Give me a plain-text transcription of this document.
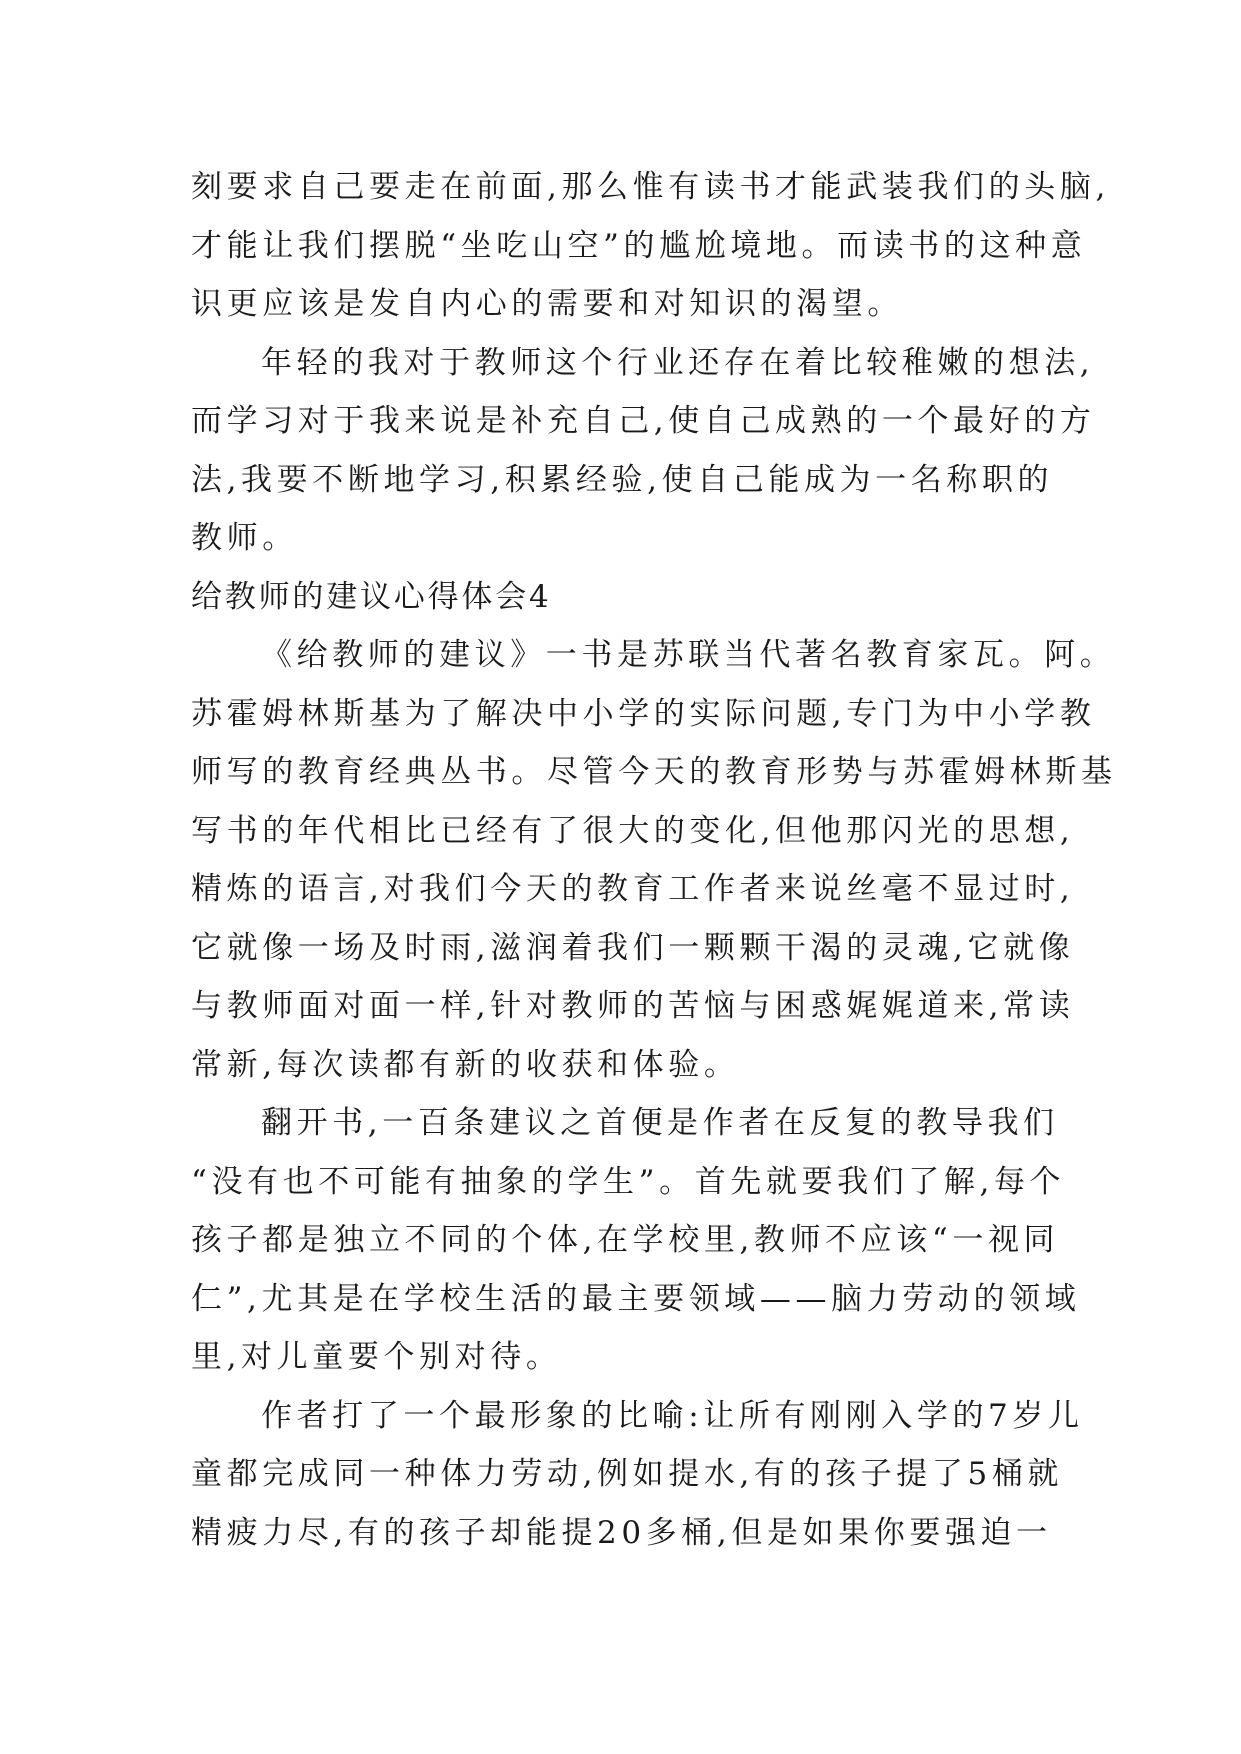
刻要求自己要走在前面,那么惟有读书才能武装我们的头脑,
才能让我们摆脱“坐吃山空”的尴尬境地。而读书的这种意
识更应该是发自内心的需要和对知识的渴望。
年轻的我对于教师这个行业还存在着比较稚嫩的想法,
而学习对于我来说是补充自己,使自己成熟的一个最好的方
法,我要不断地学习,积累经验,使自己能成为一名称职的
教师。
给教师的建议心得体会4
《给教师的建议》一书是苏联当代著名教育家瓦。阿。
苏霍姆林斯基为了解决中小学的实际问题,专门为中小学教
师写的教育经典丛书。尽管今天的教育形势与苏霍姆林斯基
写书的年代相比已经有了很大的变化,但他那闪光的思想,
精炼的语言,对我们今天的教育工作者来说丝毫不显过时,
它就像一场及时雨,滋润着我们一颗颗干渴的灵魂,它就像
与教师面对面一样,针对教师的苦恼与困惑娓娓道来,常读
常新,每次读都有新的收获和体验。
翻开书,一百条建议之首便是作者在反复的教导我们
“没有也不可能有抽象的学生”。首先就要我们了解,每个
孩子都是独立不同的个体,在学校里,教师不应该“一视同
仁”,尤其是在学校生活的最主要领域——脑力劳动的领域
里,对儿童要个别对待。
作者打了一个最形象的比喻:让所有刚刚入学的7岁儿
童都完成同一种体力劳动,例如提水,有的孩子提了5桶就
精疲力尽,有的孩子却能提20多桶,但是如果你要强迫一
